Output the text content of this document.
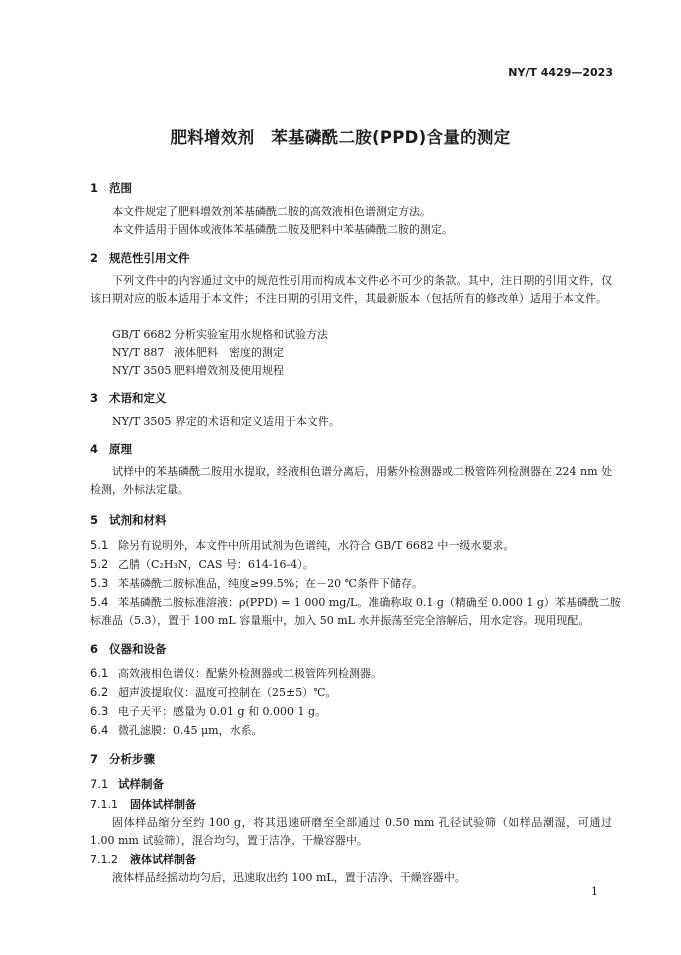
NY/T 4429—2023
肥料增效剂　苯基磷酰二胺(PPD)含量的测定
1 范围
本文件规定了肥料增效剂苯基磷酰二胺的高效液相色谱测定方法。
本文件适用于固体或液体苯基磷酰二胺及肥料中苯基磷酰二胺的测定。
2 规范性引用文件
下列文件中的内容通过文中的规范性引用而构成本文件必不可少的条款。其中，注日期的引用文件，仅该日期对应的版本适用于本文件；不注日期的引用文件，其最新版本（包括所有的修改单）适用于本文件。
GB/T 6682 分析实验室用水规格和试验方法
NY/T 887 液体肥料　密度的测定
NY/T 3505 肥料增效剂及使用规程
3 术语和定义
NY/T 3505 界定的术语和定义适用于本文件。
4 原理
试样中的苯基磷酰二胺用水提取，经液相色谱分离后，用紫外检测器或二极管阵列检测器在 224 nm 处检测，外标法定量。
5 试剂和材料
5.1 除另有说明外，本文件中所用试剂为色谱纯，水符合 GB/T 6682 中一级水要求。
5.2 乙腈（C₂H₃N，CAS 号：614-16-4）。
5.3 苯基磷酰二胺标准品，纯度≥99.5%；在－20 ℃条件下储存。
5.4 苯基磷酰二胺标准溶液：ρ(PPD) = 1 000 mg/L。准确称取 0.1 g（精确至 0.000 1 g）苯基磷酰二胺
标准品（5.3），置于 100 mL 容量瓶中，加入 50 mL 水并振荡至完全溶解后，用水定容。现用现配。
6 仪器和设备
6.1 高效液相色谱仪：配紫外检测器或二极管阵列检测器。
6.2 超声波提取仪：温度可控制在（25±5）℃。
6.3 电子天平：感量为 0.01 g 和 0.000 1 g。
6.4 微孔滤膜：0.45 μm，水系。
7 分析步骤
7.1 试样制备
7.1.1 固体试样制备
固体样品缩分至约 100 g，将其迅速研磨至全部通过 0.50 mm 孔径试验筛（如样品潮湿，可通过 1.00 mm 试验筛），混合均匀，置于洁净、干燥容器中。
7.1.2 液体试样制备
液体样品经摇动均匀后，迅速取出约 100 mL，置于洁净、干燥容器中。
1
